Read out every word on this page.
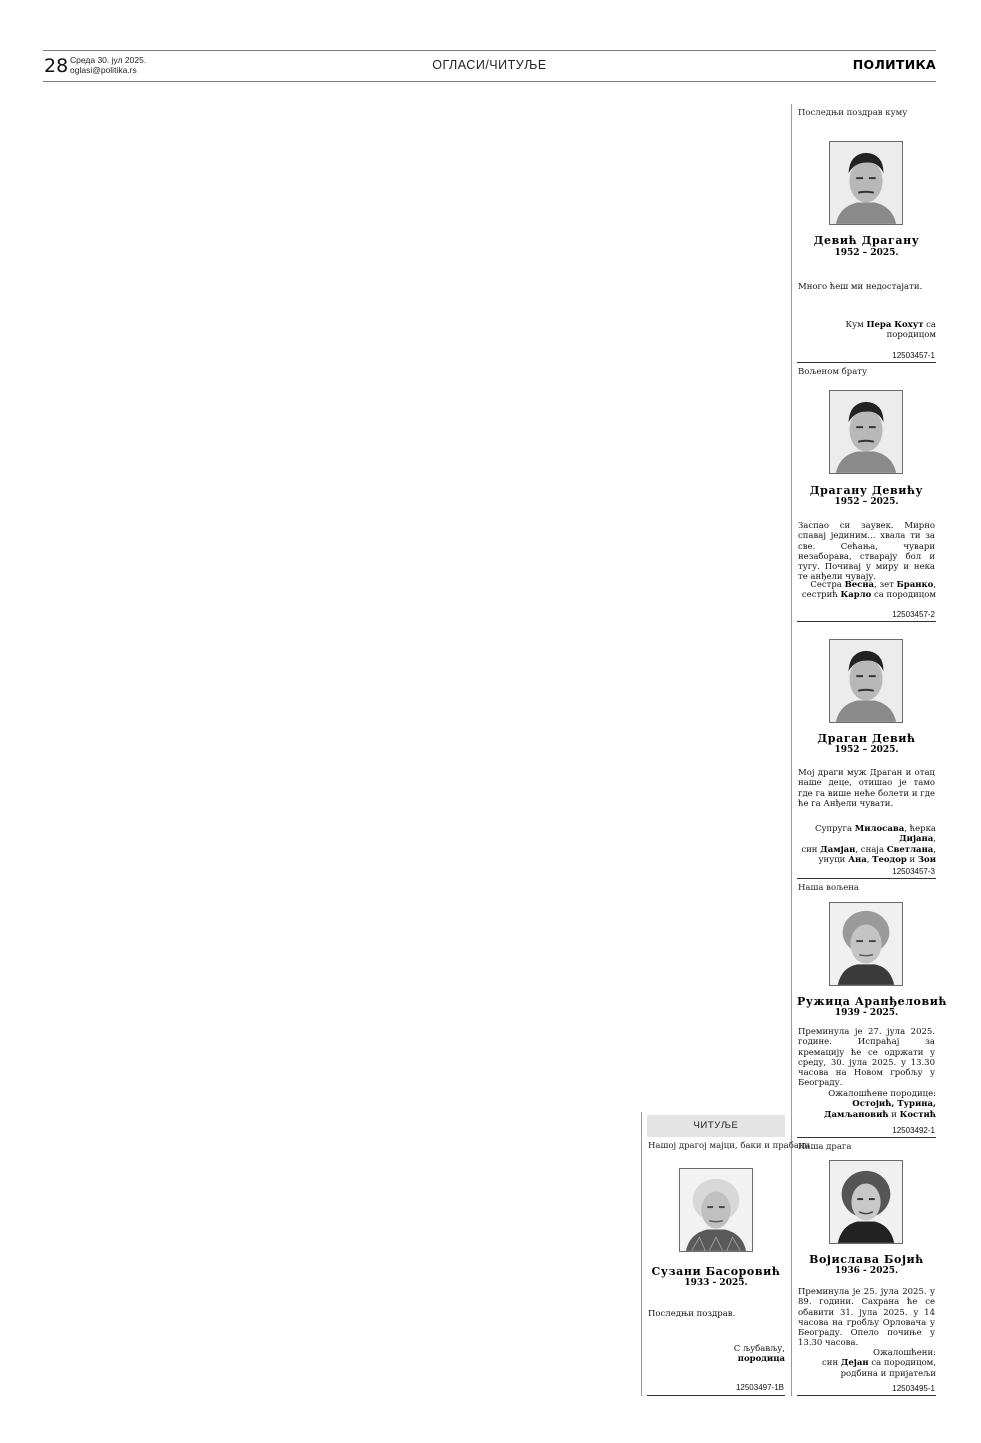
28 Среда 30. јул 2025.
oglasi@politika.rs	ОГЛАСИ/ЧИТУЉЕ	ПОЛИТИКА
Последњи поздрав куму
Девић Драгану
1952 – 2025.
Много ћеш ми недостајати.
Кум Пера Кохут са породицом
12503457-1
Вољеном брату
Драгану Девићу
1952 – 2025.
Заспао си заувек. Мирно спавај јединим... хвала ти за све. Сећања, чувари незаборава, стварају бол и тугу. Почивај у миру и нека те анђели чувају.
Сестра Весна, зет Бранко,
сестрић Карло са породицом
12503457-2
Драган Девић
1952 – 2025.
Мој драги муж Драган и отац наше деце, отишао је тамо где га више неће болети и где ће га Анђели чувати.
Супруга Милосава, ћерка Дијана,
син Дамјан, снаја Светлана,
унуци Ана, Теодор и Зои
12503457-3
Наша вољена
Ружица Аранђеловић
1939 - 2025.
Преминула је 27. јула 2025. године. Испраћај за кремацију ће се одржати у среду, 30. јула 2025. у 13.30 часова на Новом гробљу у Београду.
Ожалошћене породице:
Остојић, Турина,
Дамљановић и Костић
12503492-1
Наша драга
Војислава Бојић
1936 - 2025.
Преминула је 25. јула 2025. у 89. години. Сахрана ће се обавити 31. јула 2025. у 14 часова на гробљу Орловача у Београду. Опело почиње у 13.30 часова.
Ожалошћени:
син Дејан са породицом,
родбина и пријатељи
12503495-1
ЧИТУЉЕ
Нашој драгој мајци, баки и прабаки
Сузани Басоровић
1933 - 2025.
Последњи поздрав.
С љубављу,
породица
12503497-1В
